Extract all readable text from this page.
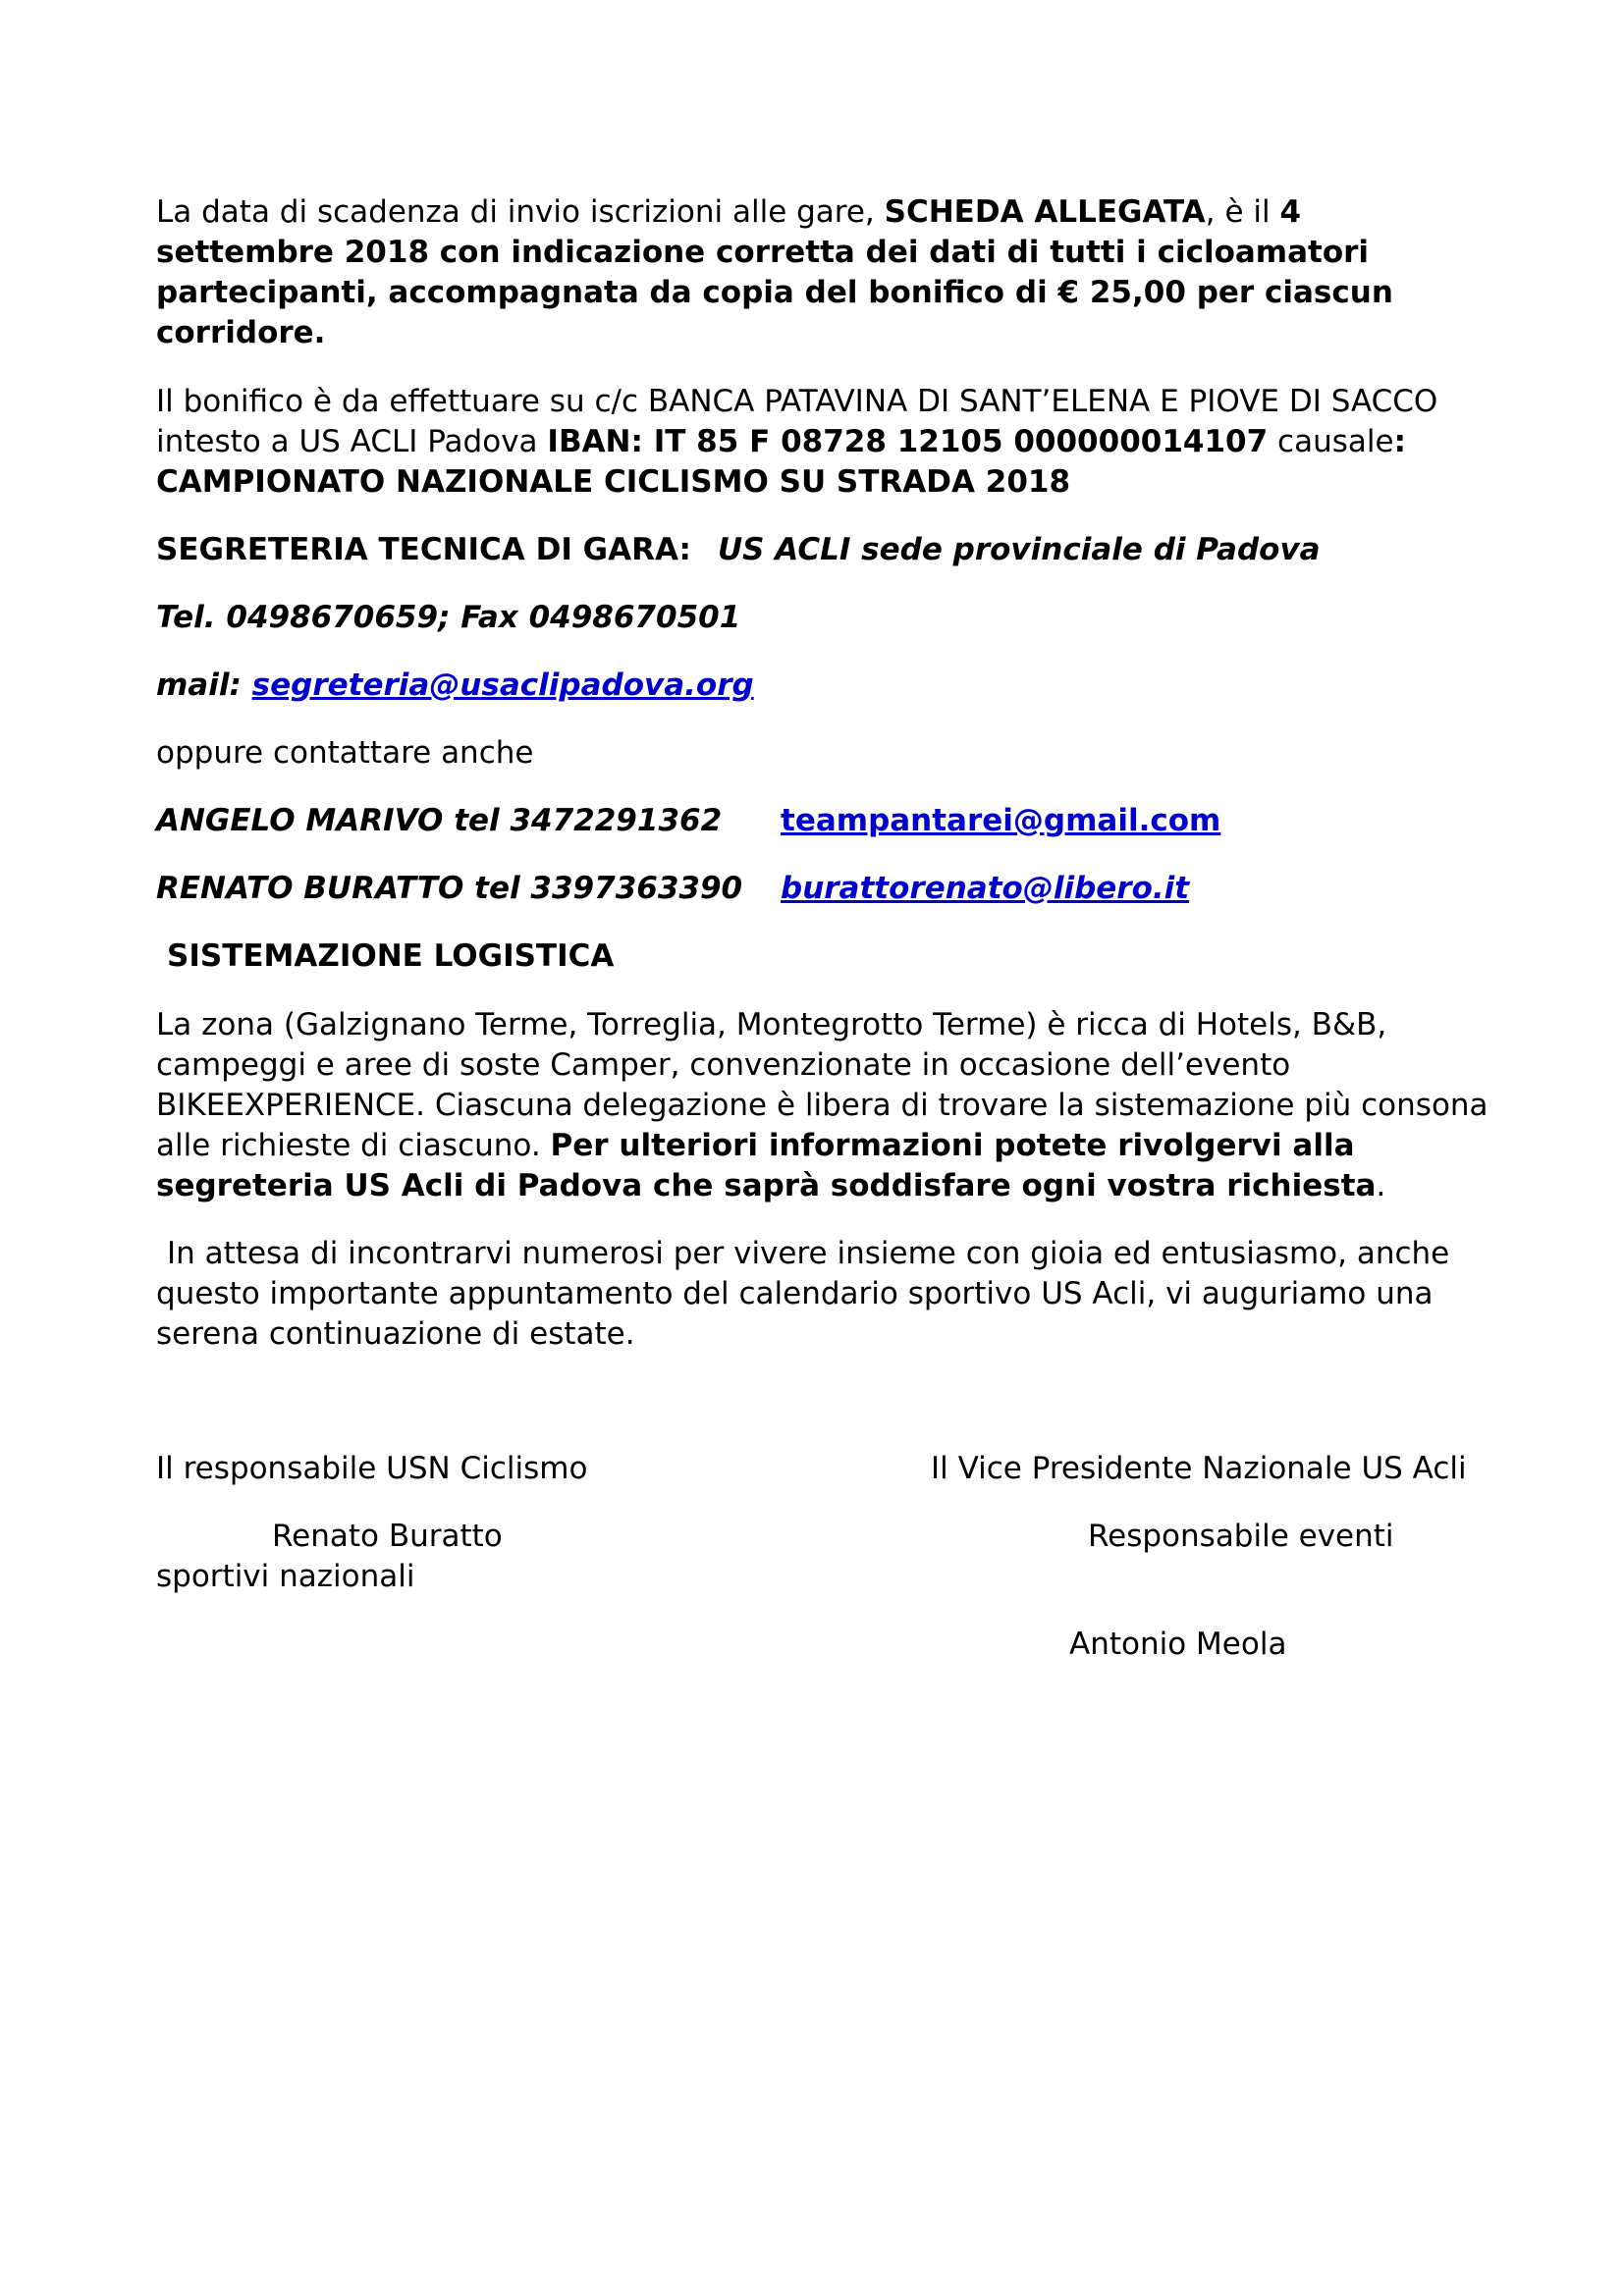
La data di scadenza di invio iscrizioni alle gare, SCHEDA ALLEGATA, è il 4
settembre 2018 con indicazione corretta dei dati di tutti i cicloamatori
partecipanti, accompagnata da copia del bonifico di € 25,00 per ciascun
corridore.
Il bonifico è da effettuare su c/c BANCA PATAVINA DI SANT’ELENA E PIOVE DI SACCO
intesto a US ACLI Padova IBAN: IT 85 F 08728 12105 000000014107 causale:
CAMPIONATO NAZIONALE CICLISMO SU STRADA 2018
SEGRETERIA TECNICA DI GARA: US ACLI sede provinciale di Padova
Tel. 0498670659; Fax 0498670501
mail: segreteria@usaclipadova.org
oppure contattare anche
ANGELO MARIVO tel 3472291362 teampantarei@gmail.com
RENATO BURATTO tel 3397363390 burattorenato@libero.it
SISTEMAZIONE LOGISTICA
La zona (Galzignano Terme, Torreglia, Montegrotto Terme) è ricca di Hotels, B&B,
campeggi e aree di soste Camper, convenzionate in occasione dell’evento
BIKEEXPERIENCE. Ciascuna delegazione è libera di trovare la sistemazione più consona
alle richieste di ciascuno. Per ulteriori informazioni potete rivolgervi alla
segreteria US Acli di Padova che saprà soddisfare ogni vostra richiesta.
In attesa di incontrarvi numerosi per vivere insieme con gioia ed entusiasmo, anche
questo importante appuntamento del calendario sportivo US Acli, vi auguriamo una
serena continuazione di estate.
Il responsabile USN Ciclismo	Il Vice Presidente Nazionale US Acli
Renato Buratto	Responsabile eventi
sportivi nazionali
Antonio Meola
